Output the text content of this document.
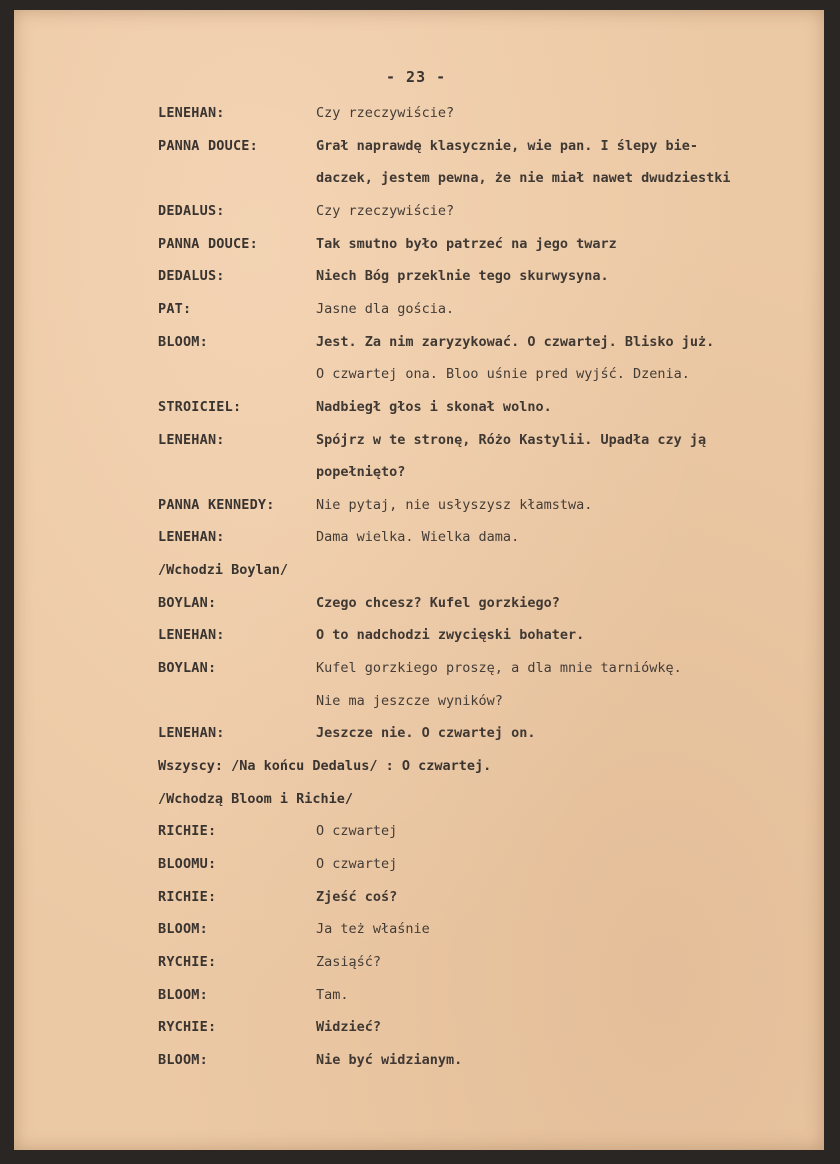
- 23 -
LENEHAN:	Czy rzeczywiście?
PANNA DOUCE:	Grał naprawdę klasycznie, wie pan. I ślepy bie-
daczek, jestem pewna, że nie miał nawet dwudziestki
DEDALUS:	Czy rzeczywiście?
PANNA DOUCE:	Tak smutno było patrzeć na jego twarz
DEDALUS:	Niech Bóg przeklnie tego skurwysyna.
PAT:	Jasne dla gościa.
BLOOM:	Jest. Za nim zaryzykować. O czwartej. Blisko już.
O czwartej ona. Bloo uśnie pred wyjść. Dzenia.
STROICIEL:	Nadbiegł głos i skonał wolno.
LENEHAN:	Spójrz w te stronę, Różo Kastylii. Upadła czy ją
popełniętо?
PANNA KENNEDY:	Nie pytaj, nie usłyszysz kłamstwa.
LENEHAN:	Dama wielka. Wielka dama.
/Wchodzi Boylan/
BOYLAN:	Czego chcesz? Kufel gorzkiego?
LENEHAN:	O to nadchodzi zwycięski bohater.
BOYLAN:	Kufel gorzkiego proszę, a dla mnie tarniówkę.
Nie ma jeszcze wyników?
LENEHAN:	Jeszcze nie. O czwartej on.
Wszyscy: /Na końcu Dedalus/ : O czwartej.
/Wchodzą Bloom i Richie/
RICHIE:	O czwartej
BLOOMU:	O czwartej
RICHIE:	Zjeść coś?
BLOOM:	Ja też właśnie
RYCHIE:	Zasiąść?
BLOOM:	Tam.
RYCHIE:	Widzieć?
BLOOM:	Nie być widzianym.
